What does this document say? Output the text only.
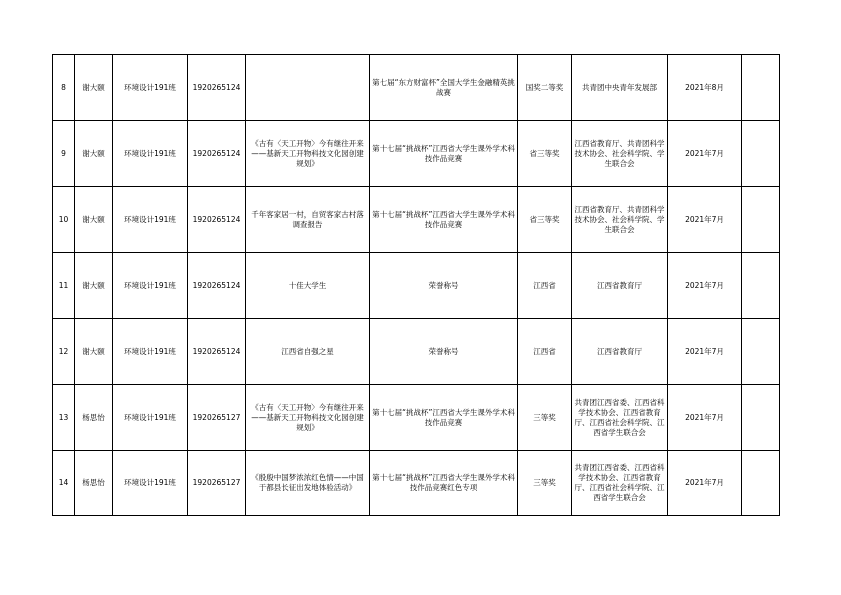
8	谢大颐	环境设计191班	1920265124		第七届“东方财富杯”全国大学生金融精英挑战赛	国奖二等奖	共青团中央青年发展部	2021年8月	
9	谢大颐	环境设计191班	1920265124	《古有〈天工开物〉今有继往开来——基新天工开物科技文化园创建规划》	第十七届“挑战杯”江西省大学生课外学术科技作品竞赛	省三等奖	江西省教育厅、共青团科学技术协会、社会科学院、学生联合会	2021年7月	
10	谢大颐	环境设计191班	1920265124	千年客家居一村，自贸客家古村落调查报告	第十七届“挑战杯”江西省大学生课外学术科技作品竞赛	省三等奖	江西省教育厅、共青团科学技术协会、社会科学院、学生联合会	2021年7月	
11	谢大颐	环境设计191班	1920265124	十佳大学生	荣誉称号	江西省	江西省教育厅	2021年7月	
12	谢大颐	环境设计191班	1920265124	江西省自强之星	荣誉称号	江西省	江西省教育厅	2021年7月	
13	杨思怡	环境设计191班	1920265127	《古有〈天工开物〉今有继往开来——基新天工开物科技文化园创建规划》	第十七届“挑战杯”江西省大学生课外学术科技作品竞赛	三等奖	共青团江西省委、江西省科学技术协会、江西省教育厅、江西省社会科学院、江西省学生联合会	2021年7月	
14	杨思怡	环境设计191班	1920265127	《殷殷中国梦浓浓红色情——中国于都县长征出发地体验活动》	第十七届“挑战杯”江西省大学生课外学术科技作品竞赛红色专项	三等奖	共青团江西省委、江西省科学技术协会、江西省教育厅、江西省社会科学院、江西省学生联合会	2021年7月	
